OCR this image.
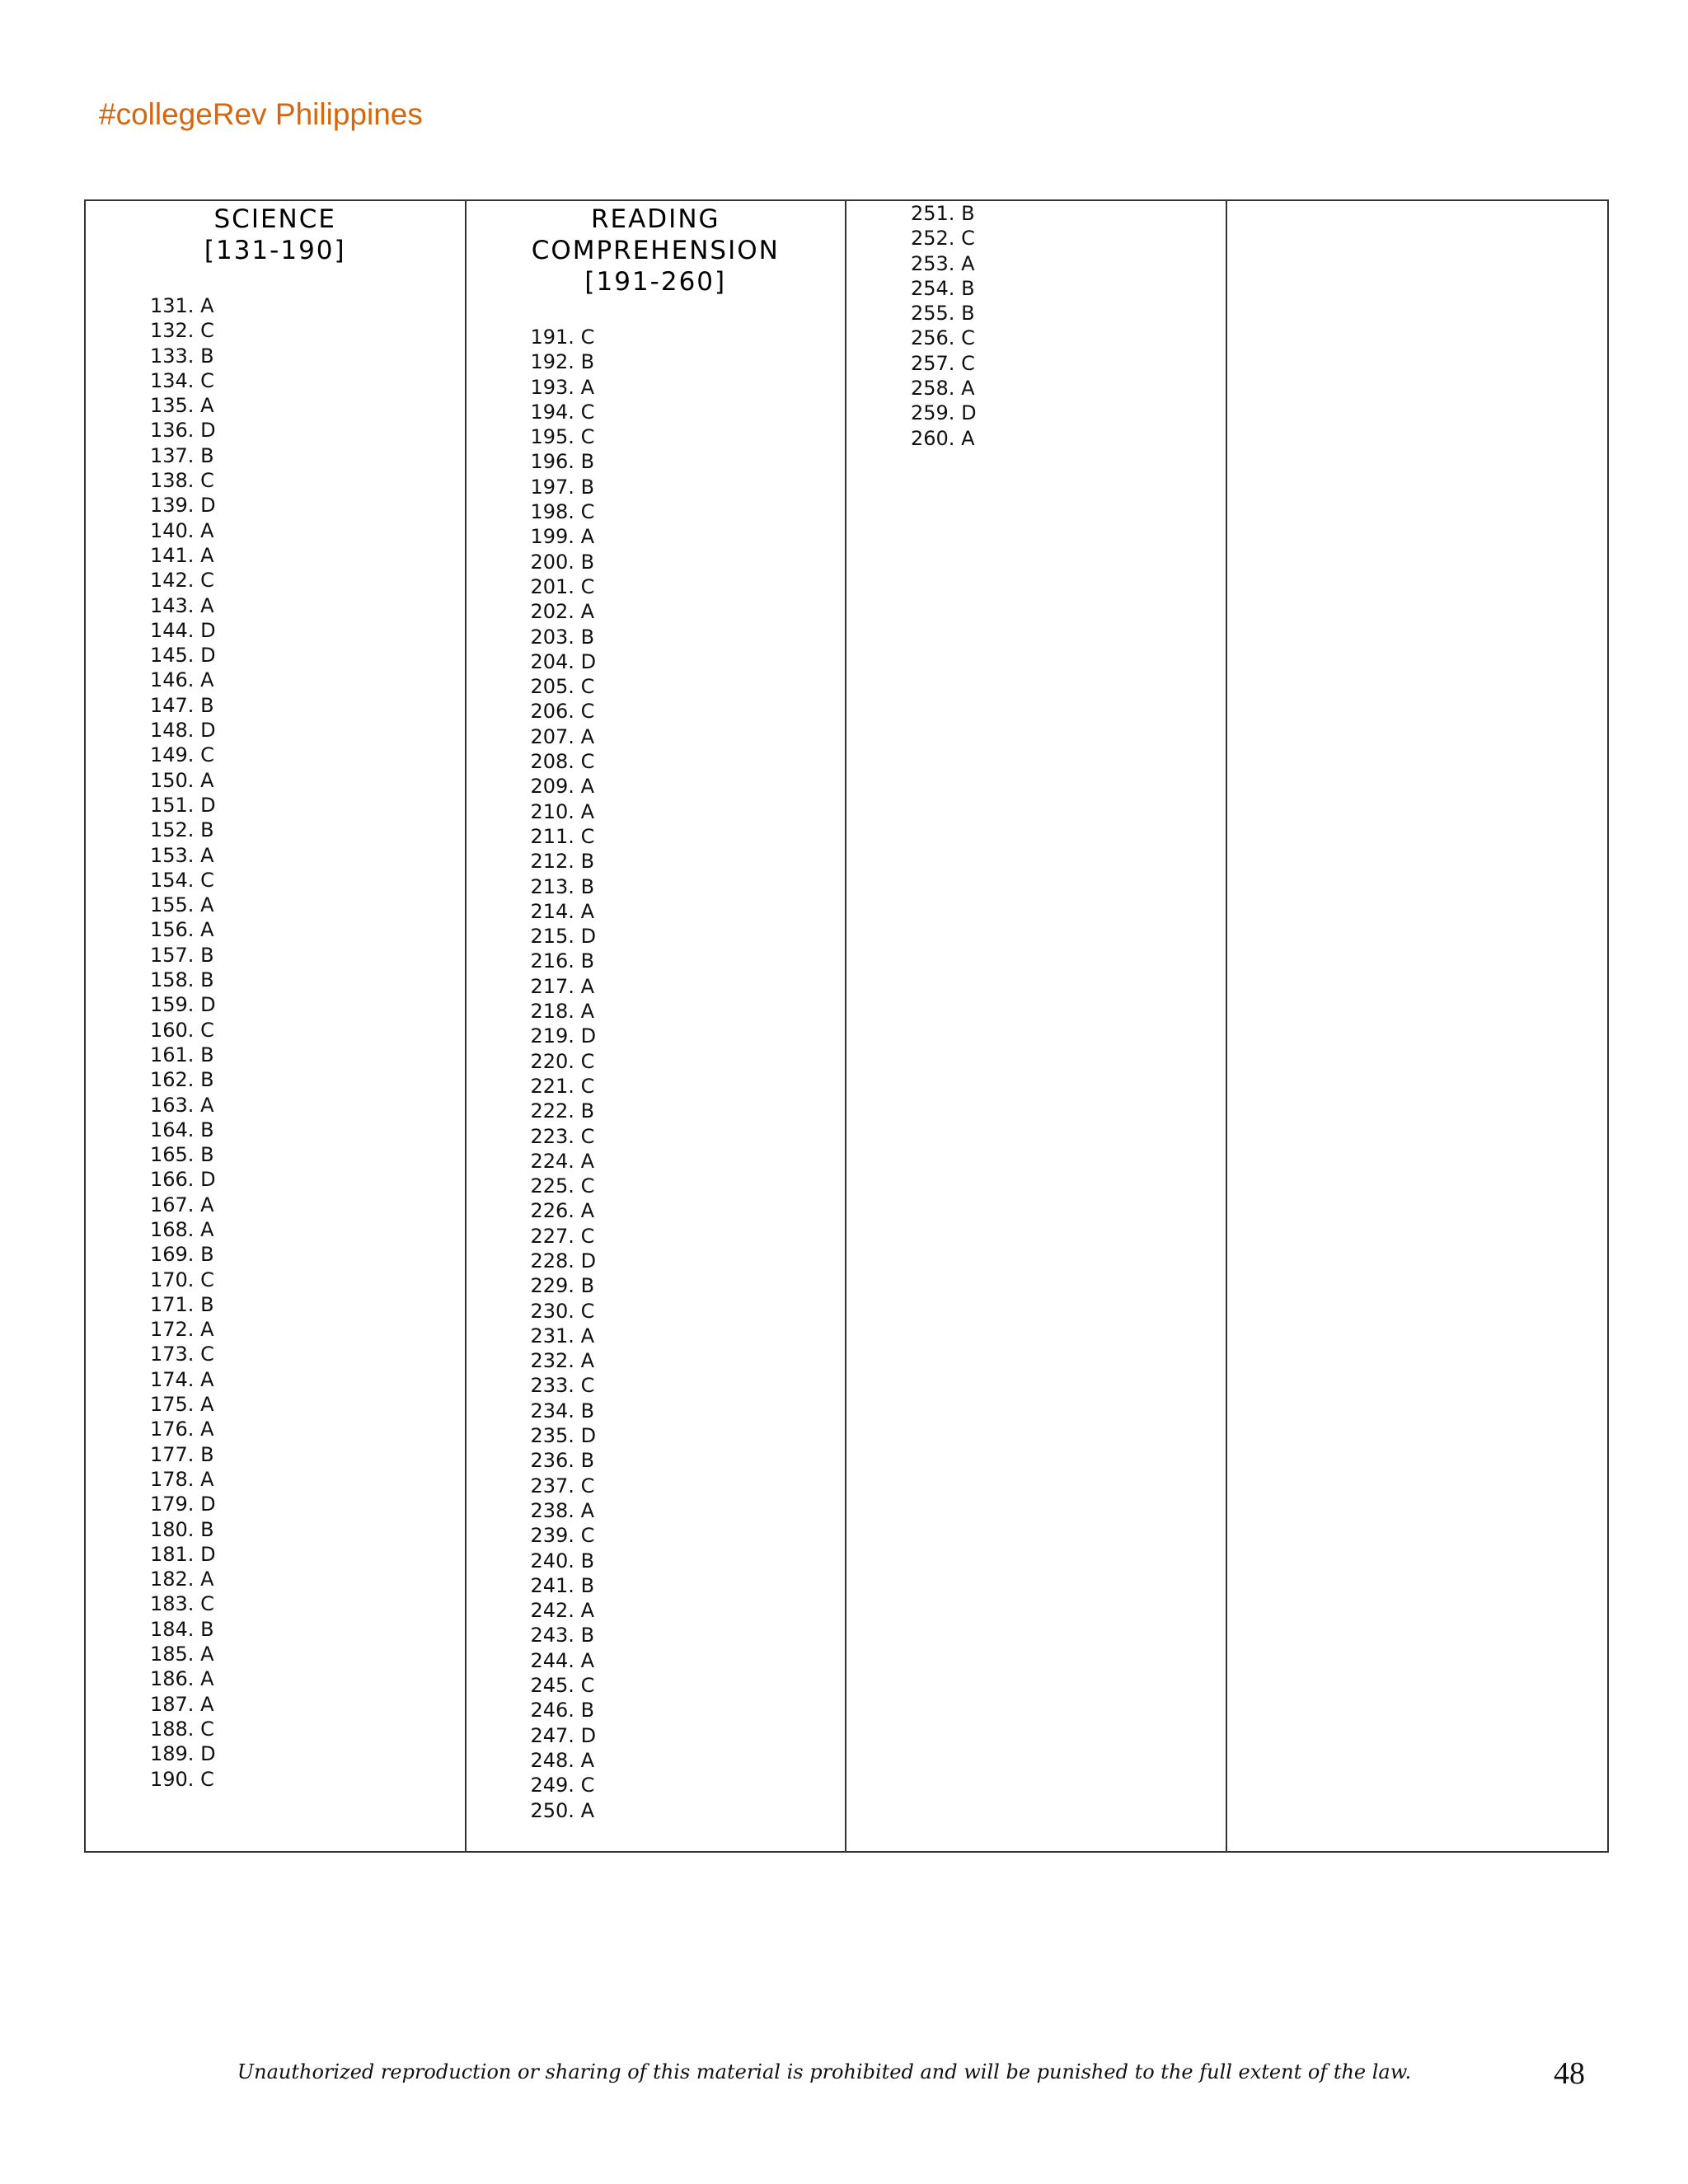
#collegeRev Philippines
SCIENCE
[131-190]
131. A
132. C
133. B
134. C
135. A
136. D
137. B
138. C
139. D
140. A
141. A
142. C
143. A
144. D
145. D
146. A
147. B
148. D
149. C
150. A
151. D
152. B
153. A
154. C
155. A
156. A
157. B
158. B
159. D
160. C
161. B
162. B
163. A
164. B
165. B
166. D
167. A
168. A
169. B
170. C
171. B
172. A
173. C
174. A
175. A
176. A
177. B
178. A
179. D
180. B
181. D
182. A
183. C
184. B
185. A
186. A
187. A
188. C
189. D
190. C
READING COMPREHENSION
[191-260]
191. C
192. B
193. A
194. C
195. C
196. B
197. B
198. C
199. A
200. B
201. C
202. A
203. B
204. D
205. C
206. C
207. A
208. C
209. A
210. A
211. C
212. B
213. B
214. A
215. D
216. B
217. A
218. A
219. D
220. C
221. C
222. B
223. C
224. A
225. C
226. A
227. C
228. D
229. B
230. C
231. A
232. A
233. C
234. B
235. D
236. B
237. C
238. A
239. C
240. B
241. B
242. A
243. B
244. A
245. C
246. B
247. D
248. A
249. C
250. A
251. B
252. C
253. A
254. B
255. B
256. C
257. C
258. A
259. D
260. A
Unauthorized reproduction or sharing of this material is prohibited and will be punished to the full extent of the law.	48
